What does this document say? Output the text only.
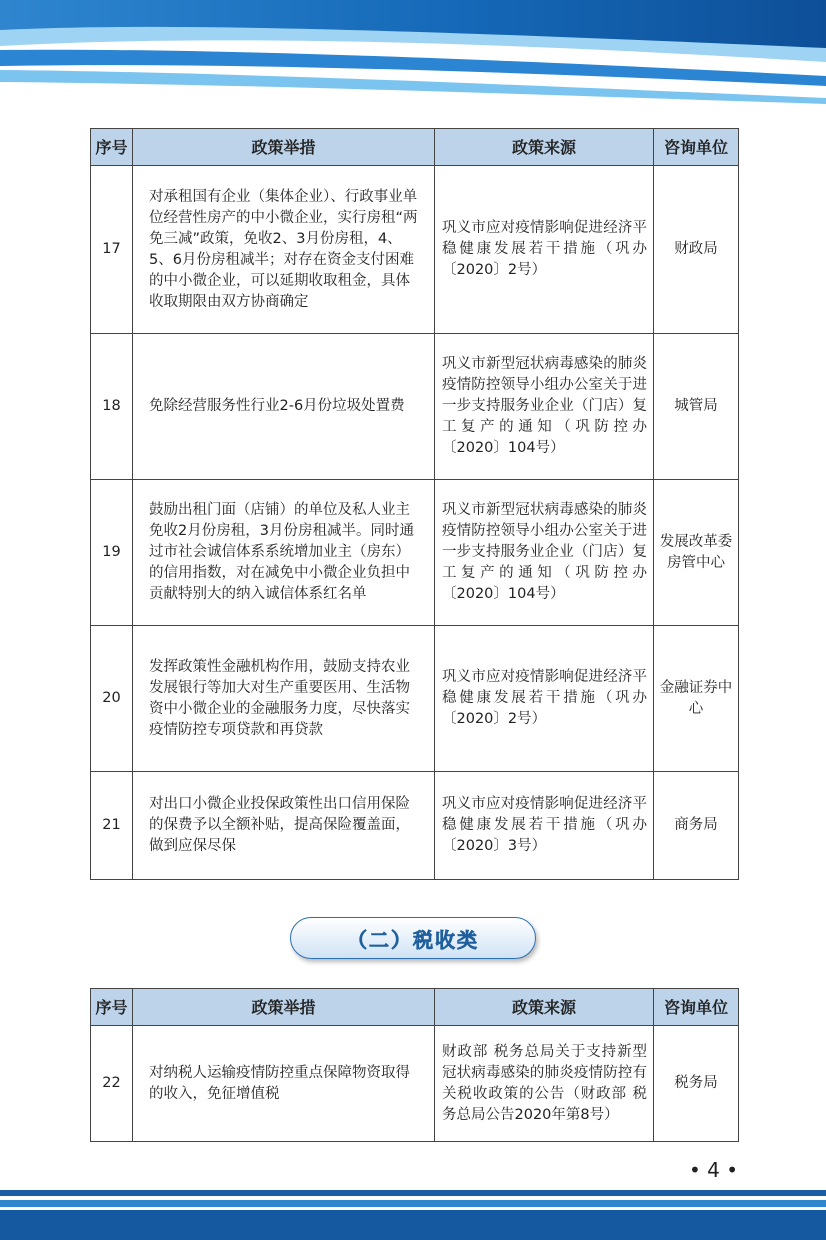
序号	政策举措	政策来源	咨询单位
17	对承租国有企业（集体企业）、行政事业单位经营性房产的中小微企业，实行房租“两免三减”政策，免收2、3月份房租，4、5、6月份房租减半；对存在资金支付困难的中小微企业，可以延期收取租金，具体收取期限由双方协商确定	巩义市应对疫情影响促进经济平稳健康发展若干措施（巩办〔2020〕2号）	财政局
18	免除经营服务性行业2-6月份垃圾处置费	巩义市新型冠状病毒感染的肺炎疫情防控领导小组办公室关于进一步支持服务业企业（门店）复工复产的通知（巩防控办〔2020〕104号）	城管局
19	鼓励出租门面（店铺）的单位及私人业主免收2月份房租，3月份房租减半。同时通过市社会诚信体系系统增加业主（房东）的信用指数，对在减免中小微企业负担中贡献特别大的纳入诚信体系红名单	巩义市新型冠状病毒感染的肺炎疫情防控领导小组办公室关于进一步支持服务业企业（门店）复工复产的通知（巩防控办〔2020〕104号）	发展改革委房管中心
20	发挥政策性金融机构作用，鼓励支持农业发展银行等加大对生产重要医用、生活物资中小微企业的金融服务力度，尽快落实疫情防控专项贷款和再贷款	巩义市应对疫情影响促进经济平稳健康发展若干措施（巩办〔2020〕2号）	金融证券中心
21	对出口小微企业投保政策性出口信用保险的保费予以全额补贴，提高保险覆盖面，做到应保尽保	巩义市应对疫情影响促进经济平稳健康发展若干措施（巩办〔2020〕3号）	商务局
（二）税收类
序号	政策举措	政策来源	咨询单位
22	对纳税人运输疫情防控重点保障物资取得的收入，免征增值税	财政部 税务总局关于支持新型冠状病毒感染的肺炎疫情防控有关税收政策的公告（财政部 税务总局公告2020年第8号）	税务局
• 4 •
